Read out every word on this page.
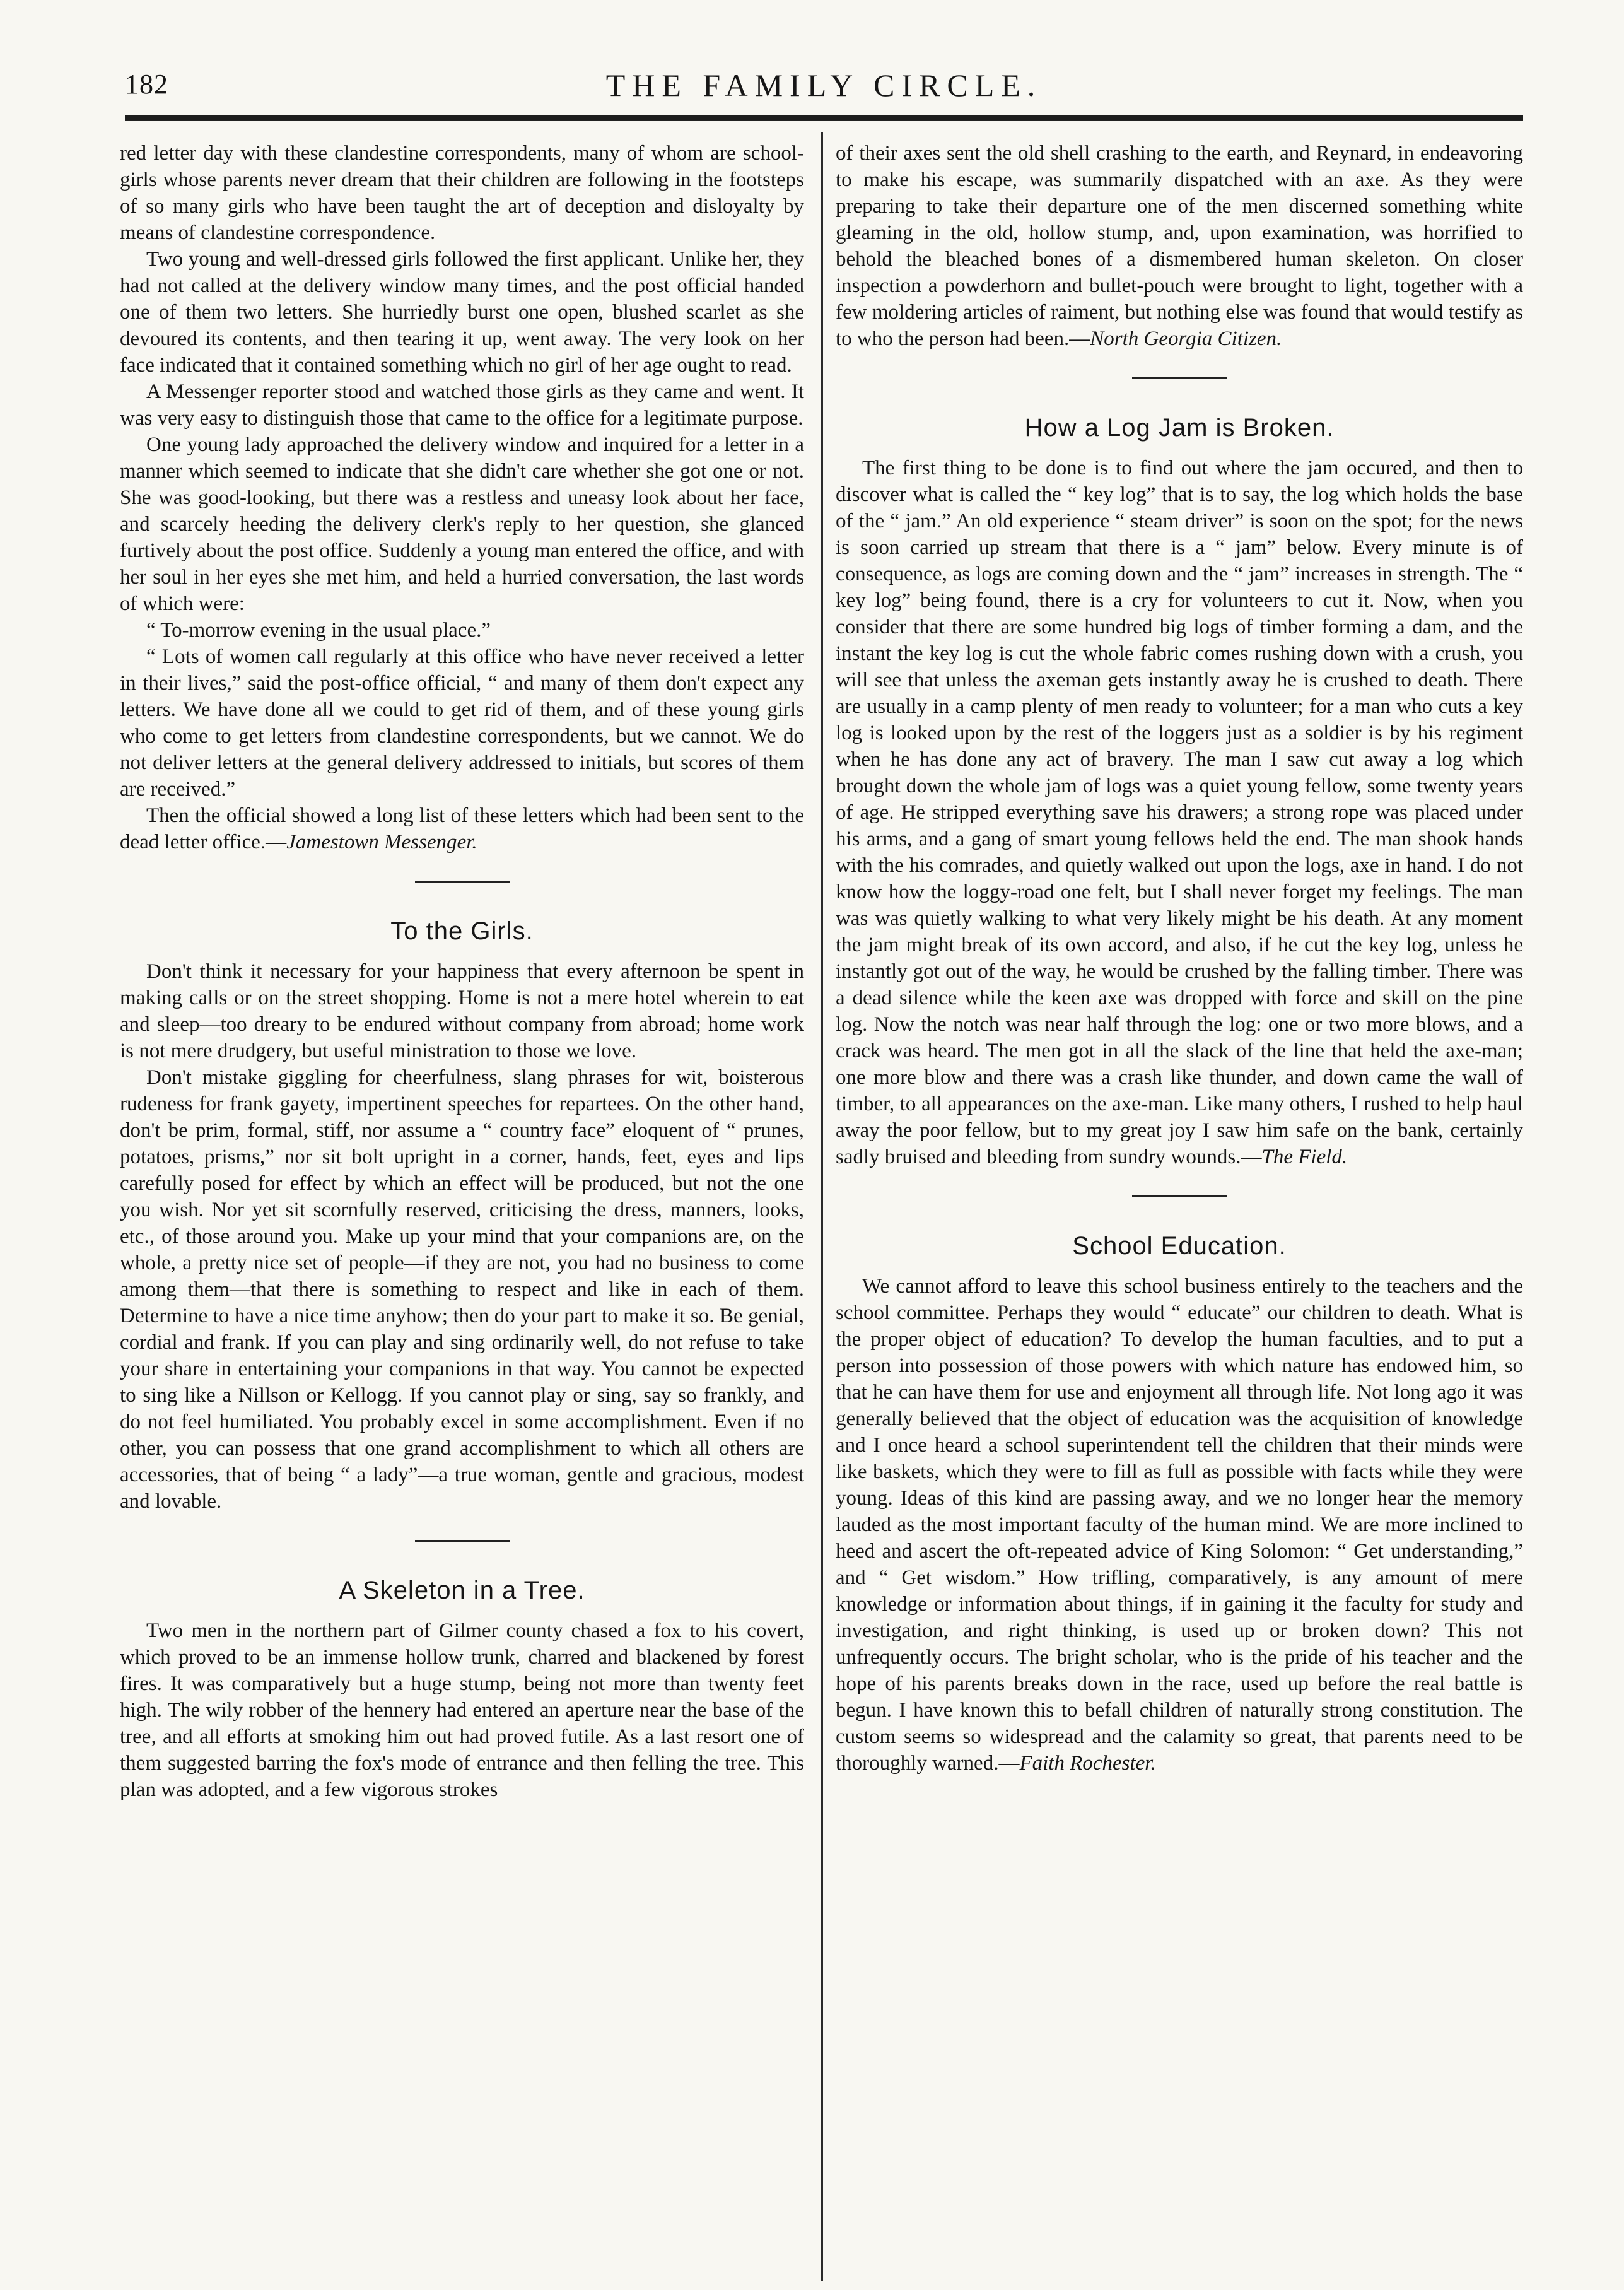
182	THE FAMILY CIRCLE.

red letter day with these clandestine correspondents, many of whom are school-girls whose parents never dream that their children are following in the footsteps of so many girls who have been taught the art of deception and disloyalty by means of clandestine correspondence.

Two young and well-dressed girls followed the first applicant. Unlike her, they had not called at the delivery window many times, and the post official handed one of them two letters. She hurriedly burst one open, blushed scarlet as she devoured its contents, and then tearing it up, went away. The very look on her face indicated that it contained something which no girl of her age ought to read.

A Messenger reporter stood and watched those girls as they came and went. It was very easy to distinguish those that came to the office for a legitimate purpose.

One young lady approached the delivery window and inquired for a letter in a manner which seemed to indicate that she didn't care whether she got one or not. She was good-looking, but there was a restless and uneasy look about her face, and scarcely heeding the delivery clerk's reply to her question, she glanced furtively about the post office. Suddenly a young man entered the office, and with her soul in her eyes she met him, and held a hurried conversation, the last words of which were:

“ To-morrow evening in the usual place.”

“ Lots of women call regularly at this office who have never received a letter in their lives,” said the post-office official, “ and many of them don't expect any letters. We have done all we could to get rid of them, and of these young girls who come to get letters from clandestine correspondents, but we cannot. We do not deliver letters at the general delivery addressed to initials, but scores of them are received.”

Then the official showed a long list of these letters which had been sent to the dead letter office.—Jamestown Messenger.

To the Girls.

Don't think it necessary for your happiness that every afternoon be spent in making calls or on the street shopping. Home is not a mere hotel wherein to eat and sleep—too dreary to be endured without company from abroad; home work is not mere drudgery, but useful ministration to those we love.

Don't mistake giggling for cheerfulness, slang phrases for wit, boisterous rudeness for frank gayety, impertinent speeches for repartees. On the other hand, don't be prim, formal, stiff, nor assume a “ country face” eloquent of “ prunes, potatoes, prisms,” nor sit bolt upright in a corner, hands, feet, eyes and lips carefully posed for effect by which an effect will be produced, but not the one you wish. Nor yet sit scornfully reserved, criticising the dress, manners, looks, etc., of those around you. Make up your mind that your companions are, on the whole, a pretty nice set of people—if they are not, you had no business to come among them—that there is something to respect and like in each of them. Determine to have a nice time anyhow; then do your part to make it so. Be genial, cordial and frank. If you can play and sing ordinarily well, do not refuse to take your share in entertaining your companions in that way. You cannot be expected to sing like a Nillson or Kellogg. If you cannot play or sing, say so frankly, and do not feel humiliated. You probably excel in some accomplishment. Even if no other, you can possess that one grand accomplishment to which all others are accessories, that of being “ a lady”—a true woman, gentle and gracious, modest and lovable.

A Skeleton in a Tree.

Two men in the northern part of Gilmer county chased a fox to his covert, which proved to be an immense hollow trunk, charred and blackened by forest fires. It was comparatively but a huge stump, being not more than twenty feet high. The wily robber of the hennery had entered an aperture near the base of the tree, and all efforts at smoking him out had proved futile. As a last resort one of them suggested barring the fox's mode of entrance and then felling the tree. This plan was adopted, and a few vigorous strokes

of their axes sent the old shell crashing to the earth, and Reynard, in endeavoring to make his escape, was summarily dispatched with an axe. As they were preparing to take their departure one of the men discerned something white gleaming in the old, hollow stump, and, upon examination, was horrified to behold the bleached bones of a dismembered human skeleton. On closer inspection a powderhorn and bullet-pouch were brought to light, together with a few moldering articles of raiment, but nothing else was found that would testify as to who the person had been.—North Georgia Citizen.

How a Log Jam is Broken.

The first thing to be done is to find out where the jam occured, and then to discover what is called the “ key log” that is to say, the log which holds the base of the “ jam.” An old experience “ steam driver” is soon on the spot; for the news is soon carried up stream that there is a “ jam” below. Every minute is of consequence, as logs are coming down and the “ jam” increases in strength. The “ key log” being found, there is a cry for volunteers to cut it. Now, when you consider that there are some hundred big logs of timber forming a dam, and the instant the key log is cut the whole fabric comes rushing down with a crush, you will see that unless the axeman gets instantly away he is crushed to death. There are usually in a camp plenty of men ready to volunteer; for a man who cuts a key log is looked upon by the rest of the loggers just as a soldier is by his regiment when he has done any act of bravery. The man I saw cut away a log which brought down the whole jam of logs was a quiet young fellow, some twenty years of age. He stripped everything save his drawers; a strong rope was placed under his arms, and a gang of smart young fellows held the end. The man shook hands with the his comrades, and quietly walked out upon the logs, axe in hand. I do not know how the loggy-road one felt, but I shall never forget my feelings. The man was was quietly walking to what very likely might be his death. At any moment the jam might break of its own accord, and also, if he cut the key log, unless he instantly got out of the way, he would be crushed by the falling timber. There was a dead silence while the keen axe was dropped with force and skill on the pine log. Now the notch was near half through the log: one or two more blows, and a crack was heard. The men got in all the slack of the line that held the axe-man; one more blow and there was a crash like thunder, and down came the wall of timber, to all appearances on the axe-man. Like many others, I rushed to help haul away the poor fellow, but to my great joy I saw him safe on the bank, certainly sadly bruised and bleeding from sundry wounds.—The Field.

School Education.

We cannot afford to leave this school business entirely to the teachers and the school committee. Perhaps they would “ educate” our children to death. What is the proper object of education? To develop the human faculties, and to put a person into possession of those powers with which nature has endowed him, so that he can have them for use and enjoyment all through life. Not long ago it was generally believed that the object of education was the acquisition of knowledge and I once heard a school superintendent tell the children that their minds were like baskets, which they were to fill as full as possible with facts while they were young. Ideas of this kind are passing away, and we no longer hear the memory lauded as the most important faculty of the human mind. We are more inclined to heed and ascert the oft-repeated advice of King Solomon: “ Get understanding,” and “ Get wisdom.” How trifling, comparatively, is any amount of mere knowledge or information about things, if in gaining it the faculty for study and investigation, and right thinking, is used up or broken down? This not unfrequently occurs. The bright scholar, who is the pride of his teacher and the hope of his parents breaks down in the race, used up before the real battle is begun. I have known this to befall children of naturally strong constitution. The custom seems so widespread and the calamity so great, that parents need to be thoroughly warned.—Faith Rochester.
